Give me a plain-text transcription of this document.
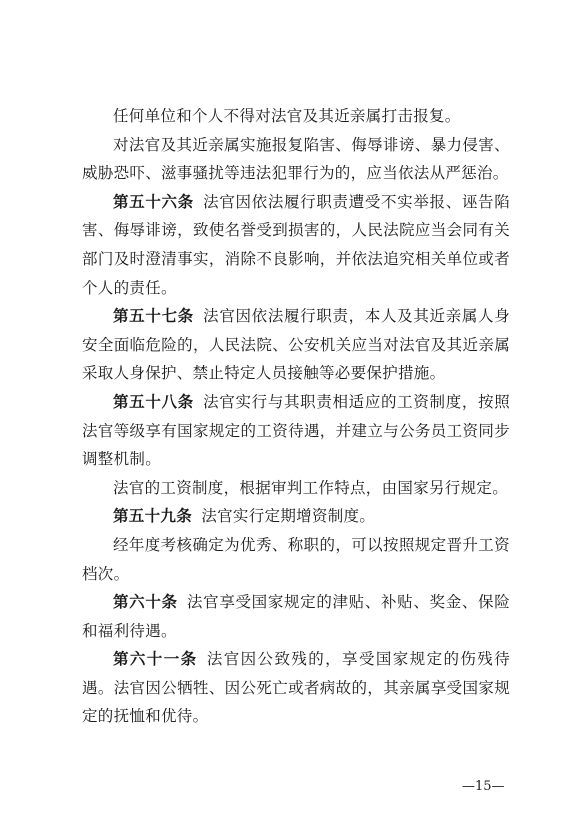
任何单位和个人不得对法官及其近亲属打击报复。

对法官及其近亲属实施报复陷害、侮辱诽谤、暴力侵害、威胁恐吓、滋事骚扰等违法犯罪行为的，应当依法从严惩治。

第五十六条 法官因依法履行职责遭受不实举报、诬告陷害、侮辱诽谤，致使名誉受到损害的，人民法院应当会同有关部门及时澄清事实，消除不良影响，并依法追究相关单位或者个人的责任。

第五十七条 法官因依法履行职责，本人及其近亲属人身安全面临危险的，人民法院、公安机关应当对法官及其近亲属采取人身保护、禁止特定人员接触等必要保护措施。

第五十八条 法官实行与其职责相适应的工资制度，按照法官等级享有国家规定的工资待遇，并建立与公务员工资同步调整机制。

法官的工资制度，根据审判工作特点，由国家另行规定。

第五十九条 法官实行定期增资制度。

经年度考核确定为优秀、称职的，可以按照规定晋升工资档次。

第六十条 法官享受国家规定的津贴、补贴、奖金、保险和福利待遇。

第六十一条 法官因公致残的，享受国家规定的伤残待遇。法官因公牺牲、因公死亡或者病故的，其亲属享受国家规定的抚恤和优待。

—15—
